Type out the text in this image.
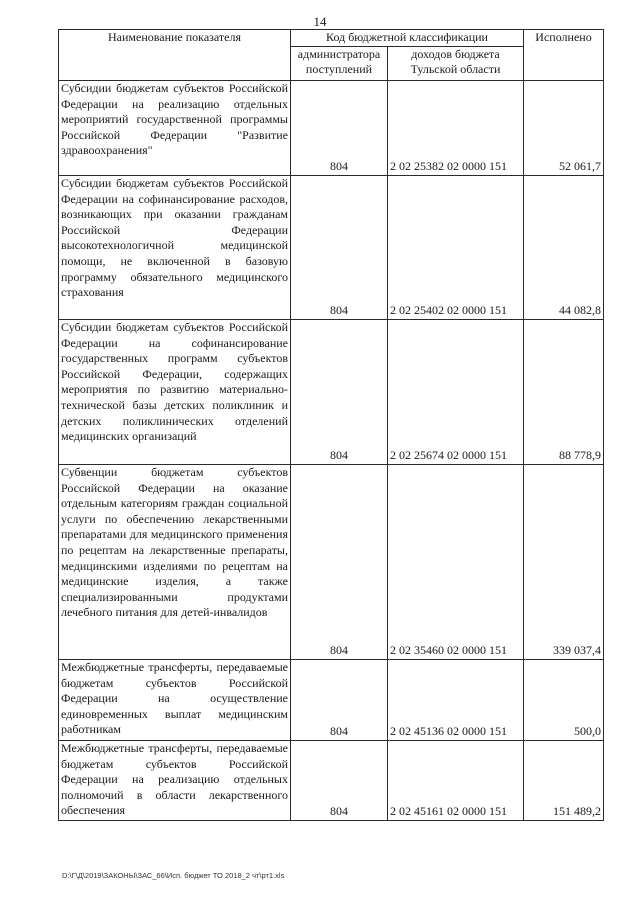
14
Наименование показателя	Код бюджетной классификации		Исполнено
	администратора поступлений	доходов бюджета Тульской области	
Субсидии бюджетам субъектов Российской Федерации на реализацию отдельных мероприятий государственной программы Российской Федерации "Развитие здравоохранения"	804	2 02 25382 02 0000 151	52 061,7
Субсидии бюджетам субъектов Российской Федерации на софинансирование расходов, возникающих при оказании гражданам Российской Федерации высокотехнологичной медицинской помощи, не включенной в базовую программу обязательного медицинского страхования	804	2 02 25402 02 0000 151	44 082,8
Субсидии бюджетам субъектов Российской Федерации на софинансирование государственных программ субъектов Российской Федерации, содержащих мероприятия по развитию материально-технической базы детских поликлиник и детских поликлинических отделений медицинских организаций	804	2 02 25674 02 0000 151	88 778,9
Субвенции бюджетам субъектов Российской Федерации на оказание отдельным категориям граждан социальной услуги по обеспечению лекарственными препаратами для медицинского применения по рецептам на лекарственные препараты, медицинскими изделиями по рецептам на медицинские изделия, а также специализированными продуктами лечебного питания для детей-инвалидов	804	2 02 35460 02 0000 151	339 037,4
Межбюджетные трансферты, передаваемые бюджетам субъектов Российской Федерации на осуществление единовременных выплат медицинским работникам	804	2 02 45136 02 0000 151	500,0
Межбюджетные трансферты, передаваемые бюджетам субъектов Российской Федерации на реализацию отдельных полномочий в области лекарственного обеспечения	804	2 02 45161 02 0000 151	151 489,2
D:\Г\Д\2019\ЗАКОНЫ\ЗАС_66\Исп. бюджет ТО 2018_2 чт\рт1.xls
